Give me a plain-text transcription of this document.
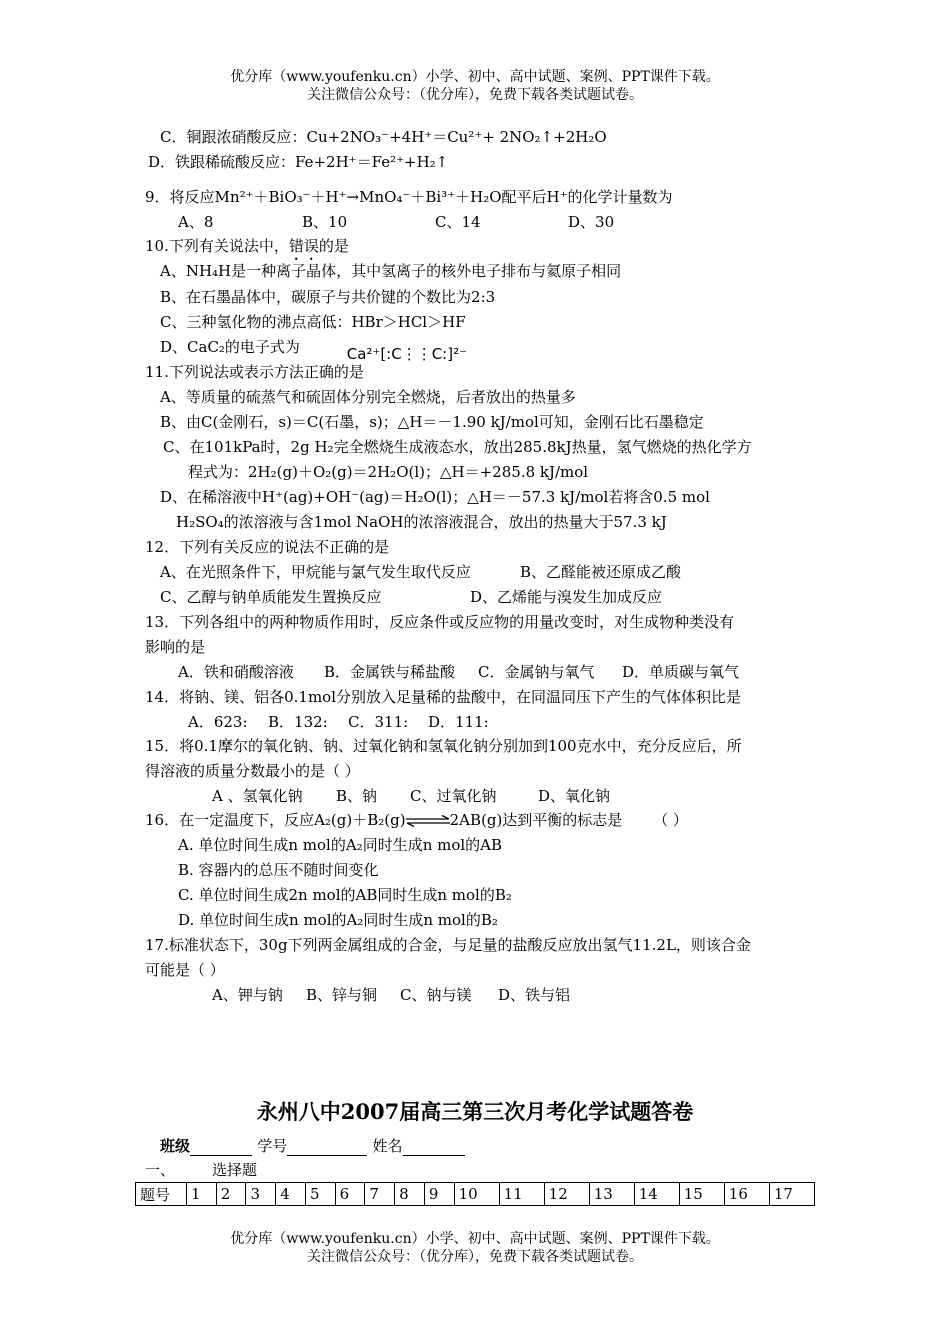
优分库（www.youfenku.cn）小学、初中、高中试题、案例、PPT课件下载。
关注微信公众号：（优分库），免费下载各类试题试卷。
C．铜跟浓硝酸反应：Cu+2NO₃⁻+4H⁺＝Cu²⁺+ 2NO₂↑+2H₂O
D．铁跟稀硫酸反应：Fe+2H⁺＝Fe²⁺+H₂↑
9．将反应Mn²⁺＋BiO₃⁻＋H⁺→MnO₄⁻＋Bi³⁺＋H₂O配平后H⁺的化学计量数为
A、8	B、10	C、14	D、30
10.下列有关说法中，错误的是
A、NH₄H是一种离子晶体，其中氢离子的核外电子排布与氦原子相同
B、在石墨晶体中，碳原子与共价键的个数比为2:3
C、三种氢化物的沸点高低：HBr＞HCl＞HF
D、CaC₂的电子式为	Ca²⁺[:C⋮⋮C:]²⁻
11.下列说法或表示方法正确的是
A、等质量的硫蒸气和硫固体分别完全燃烧，后者放出的热量多
B、由C(金刚石，s)＝C(石墨，s)；△H＝－1.90 kJ/mol可知，金刚石比石墨稳定
C、在101kPa时，2g H₂完全燃烧生成液态水，放出285.8kJ热量，氢气燃烧的热化学方
程式为：2H₂(g)＋O₂(g)＝2H₂O(l)；△H＝+285.8 kJ/mol
D、在稀溶液中H⁺(ag)+OH⁻(ag)＝H₂O(l)；△H＝－57.3 kJ/mol若将含0.5 mol
H₂SO₄的浓溶液与含1mol NaOH的浓溶液混合，放出的热量大于57.3 kJ
12．下列有关反应的说法不正确的是
A、在光照条件下，甲烷能与氯气发生取代反应	B、乙醛能被还原成乙酸
C、乙醇与钠单质能发生置换反应	D、乙烯能与溴发生加成反应
13．下列各组中的两种物质作用时，反应条件或反应物的用量改变时，对生成物种类没有
影响的是
A．铁和硝酸溶液 B．金属铁与稀盐酸 C．金属钠与氧气 D．单质碳与氧气
14．将钠、镁、铝各0.1mol分别放入足量稀的盐酸中，在同温同压下产生的气体体积比是
A．623: B．132: C．311: D．111:
15．将0.1摩尔的氧化钠、钠、过氧化钠和氢氧化钠分别加到100克水中，充分反应后，所
得溶液的质量分数最小的是（ ）
A 、氢氧化钠 B、钠 C、过氧化钠	D、氧化钠
16．在一定温度下，反应A₂(g)＋B₂(g)⇌2AB(g)达到平衡的标志是 （ ）
A. 单位时间生成n mol的A₂同时生成n mol的AB
B. 容器内的总压不随时间变化
C. 单位时间生成2n mol的AB同时生成n mol的B₂
D. 单位时间生成n mol的A₂同时生成n mol的B₂
17.标准状态下，30g下列两金属组成的合金，与足量的盐酸反应放出氢气11.2L，则该合金
可能是（ ）
A、钾与钠 B、锌与铜 C、钠与镁 D、铁与铝
永州八中2007届高三第三次月考化学试题答卷
班级	学号	姓名
一、 选择题
题号	1	2	3	4	5	6	7	8	9	10	11	12	13	14	15	16	17
优分库（www.youfenku.cn）小学、初中、高中试题、案例、PPT课件下载。
关注微信公众号：（优分库），免费下载各类试题试卷。
